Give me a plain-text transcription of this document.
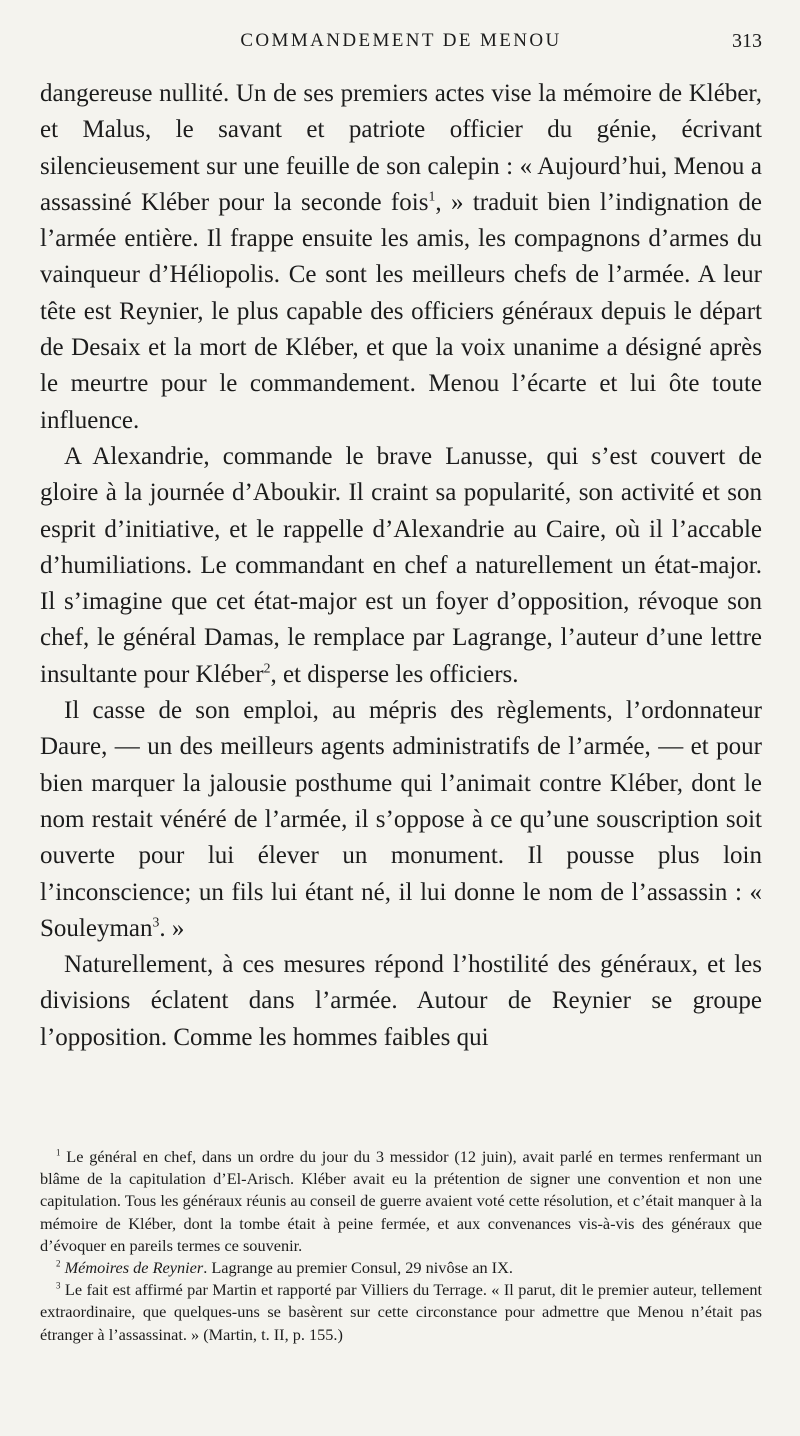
COMMANDEMENT DE MENOU	313

dangereuse nullité. Un de ses premiers actes vise la mémoire de Kléber, et Malus, le savant et patriote officier du génie, écrivant silencieusement sur une feuille de son calepin : « Aujourd’hui, Menou a assassiné Kléber pour la seconde fois$^1$, » traduit bien l’indignation de l’armée entière. Il frappe ensuite les amis, les compagnons d’armes du vainqueur d’Héliopolis. Ce sont les meilleurs chefs de l’armée. A leur tête est Reynier, le plus capable des officiers généraux depuis le départ de Desaix et la mort de Kléber, et que la voix unanime a désigné après le meurtre pour le commandement. Menou l’écarte et lui ôte toute influence.

A Alexandrie, commande le brave Lanusse, qui s’est couvert de gloire à la journée d’Aboukir. Il craint sa popularité, son activité et son esprit d’initiative, et le rappelle d’Alexandrie au Caire, où il l’accable d’humiliations. Le commandant en chef a naturellement un état-major. Il s’imagine que cet état-major est un foyer d’opposition, révoque son chef, le général Damas, le remplace par Lagrange, l’auteur d’une lettre insultante pour Kléber$^2$, et disperse les officiers.

Il casse de son emploi, au mépris des règlements, l’ordonnateur Daure, — un des meilleurs agents administratifs de l’armée, — et pour bien marquer la jalousie posthume qui l’animait contre Kléber, dont le nom restait vénéré de l’armée, il s’oppose à ce qu’une souscription soit ouverte pour lui élever un monument. Il pousse plus loin l’inconscience; un fils lui étant né, il lui donne le nom de l’assassin : « Souleyman$^3$. »

Naturellement, à ces mesures répond l’hostilité des généraux, et les divisions éclatent dans l’armée. Autour de Reynier se groupe l’opposition. Comme les hommes faibles qui

$^1$ Le général en chef, dans un ordre du jour du 3 messidor (12 juin), avait parlé en termes renfermant un blâme de la capitulation d’El-Arisch. Kléber avait eu la prétention de signer une convention et non une capitulation. Tous les généraux réunis au conseil de guerre avaient voté cette résolution, et c’était manquer à la mémoire de Kléber, dont la tombe était à peine fermée, et aux convenances vis-à-vis des généraux que d’évoquer en pareils termes ce souvenir.

$^2$ Mémoires de Reynier. Lagrange au premier Consul, 29 nivôse an IX.

$^3$ Le fait est affirmé par Martin et rapporté par Villiers du Terrage. « Il parut, dit le premier auteur, tellement extraordinaire, que quelques-uns se basèrent sur cette circonstance pour admettre que Menou n’était pas étranger à l’assassinat. » (Martin, t. II, p. 155.)
